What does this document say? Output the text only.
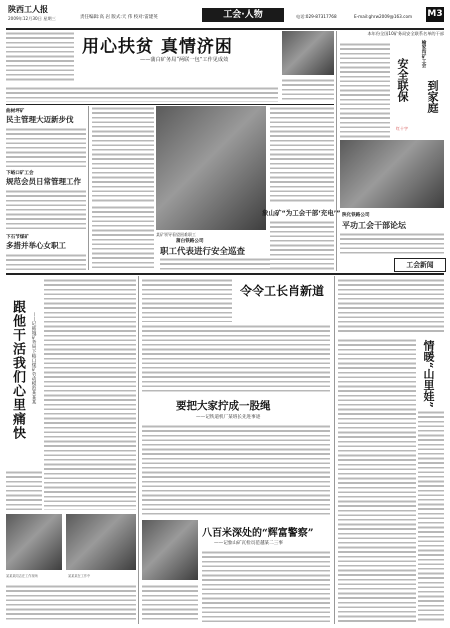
陕西工人报
2009年12月30日 星期三	责任编辑:高 岩 版式:天 伟 校对:雷建英	工会·人物	电话:029-87317768	E-mail:ghrw2009@163.com M3
用心扶贫 真情济困
——蒲白矿务局“两联一包”工作见成效
本年份全国10矿务局安全联系名单的干部
曲树坪矿
民主管理大迈新步伐
下峪口矿工会
规范会员日常管理工作
下石节煤矿
多措并举心女职工
某矿领导看望困难职工
蒲白铁路公司
职工代表进行安全巡查
象山矿“为工会干部‘充电’”
榆家沟矿工会
安全联保 到家庭
红十字
陕化铁路公司
平功工会干部论坛
工会新闻
跟他干活我们心里痛快	——记韩城矿务局下峪口煤矿劳动模范某某某
某某某同志在工作现场	某某某在工作中
令令工长肖新道
要把大家拧成一股绳
——记铁道机厂某班长先进事迹
八百米深处的“辉富警察”
——记象山矿瓦检员范越某二三事
情暖“山里娃”
